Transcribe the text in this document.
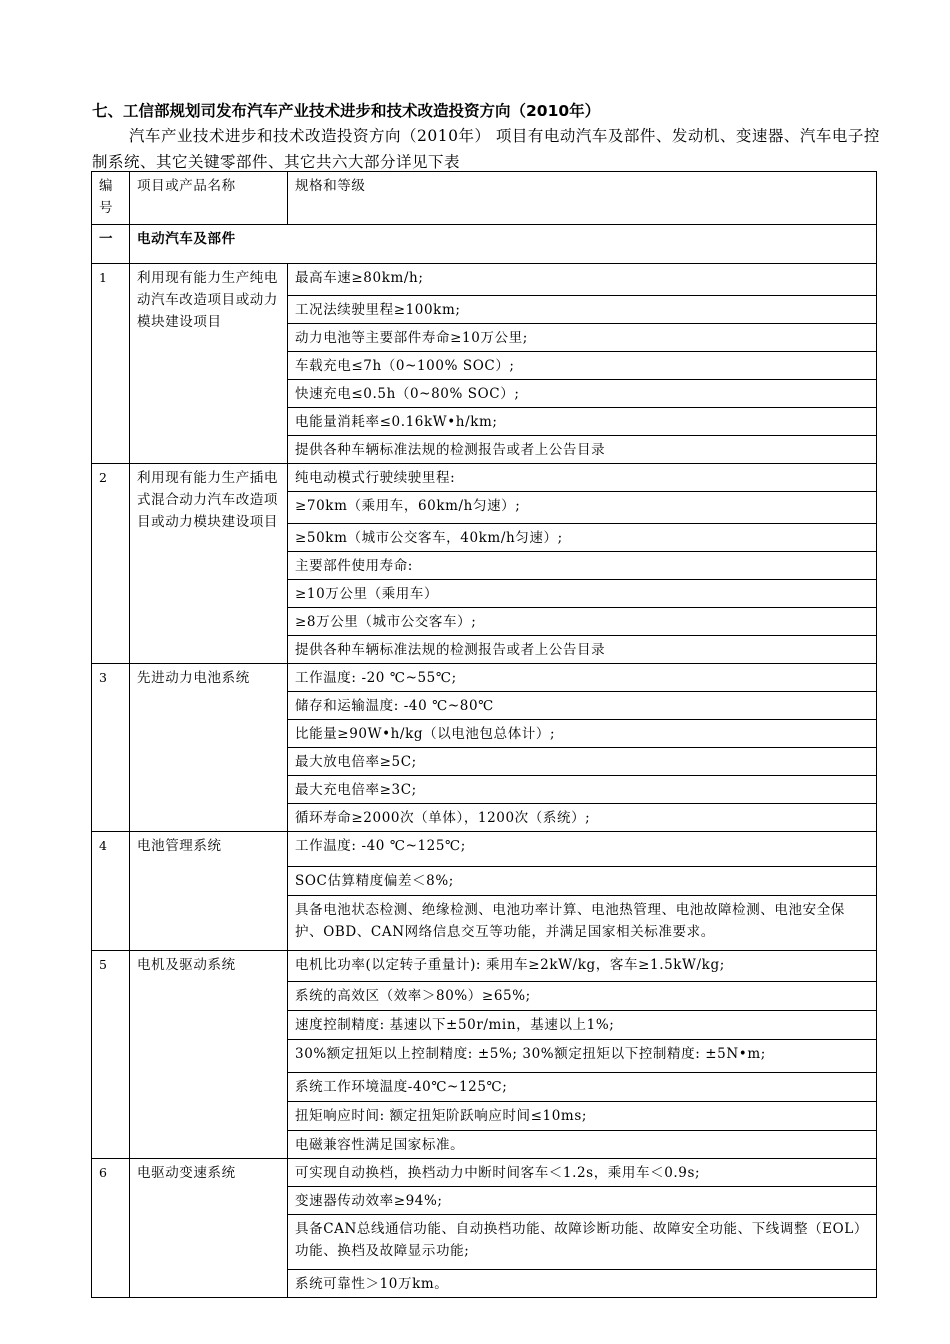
七、工信部规划司发布汽车产业技术进步和技术改造投资方向（2010年）
汽车产业技术进步和技术改造投资方向（2010年） 项目有电动汽车及部件、发动机、变速器、汽车电子控制系统、其它关键零部件、其它共六大部分详见下表
编号	项目或产品名称	规格和等级
一	电动汽车及部件	
1	利用现有能力生产纯电动汽车改造项目或动力模块建设项目	最高车速≥80km/h;
		工况法续驶里程≥100km;
		动力电池等主要部件寿命≥10万公里;
		车载充电≤7h（0~100% SOC）;
		快速充电≤0.5h（0~80% SOC）;
		电能量消耗率≤0.16kW•h/km;
		提供各种车辆标准法规的检测报告或者上公告目录
2	利用现有能力生产插电式混合动力汽车改造项目或动力模块建设项目	纯电动模式行驶续驶里程:
		≥70km（乘用车，60km/h匀速）;
		≥50km（城市公交客车，40km/h匀速）;
		主要部件使用寿命:
		≥10万公里（乘用车）
		≥8万公里（城市公交客车）;
		提供各种车辆标准法规的检测报告或者上公告目录
3	先进动力电池系统	工作温度: -20 ℃~55℃;
		储存和运输温度: -40 ℃~80℃
		比能量≥90W•h/kg（以电池包总体计）;
		最大放电倍率≥5C;
		最大充电倍率≥3C;
		循环寿命≥2000次（单体），1200次（系统）;
4	电池管理系统	工作温度: -40 ℃~125℃;
		SOC估算精度偏差＜8%;
		具备电池状态检测、绝缘检测、电池功率计算、电池热管理、电池故障检测、电池安全保护、OBD、CAN网络信息交互等功能，并满足国家相关标准要求。
5	电机及驱动系统	电机比功率(以定转子重量计): 乘用车≥2kW/kg，客车≥1.5kW/kg;
		系统的高效区（效率＞80%）≥65%;
		速度控制精度: 基速以下±50r/min，基速以上1%;
		30%额定扭矩以上控制精度: ±5%; 30%额定扭矩以下控制精度: ±5N•m;
		系统工作环境温度-40℃~125℃;
		扭矩响应时间: 额定扭矩阶跃响应时间≤10ms;
		电磁兼容性满足国家标准。
6	电驱动变速系统	可实现自动换档，换档动力中断时间客车＜1.2s，乘用车＜0.9s;
		变速器传动效率≥94%;
		具备CAN总线通信功能、自动换档功能、故障诊断功能、故障安全功能、下线调整（EOL）功能、换档及故障显示功能;
		系统可靠性＞10万km。
